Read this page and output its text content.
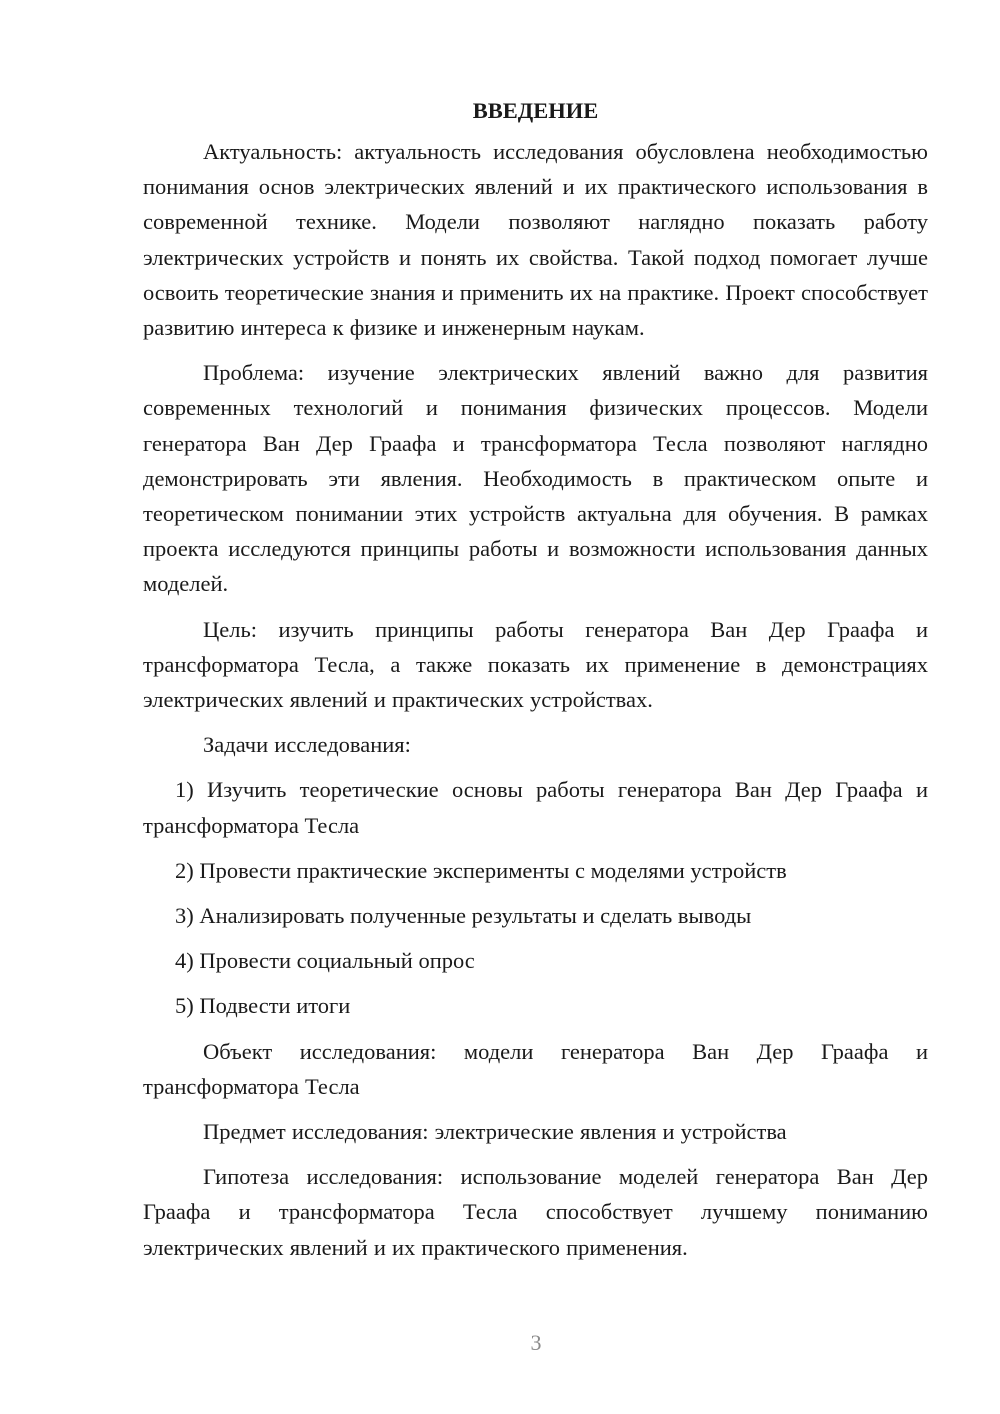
ВВЕДЕНИЕ

Актуальность: актуальность исследования обусловлена необходимостью понимания основ электрических явлений и их практического использования в современной технике. Модели позволяют наглядно показать работу электрических устройств и понять их свойства. Такой подход помогает лучше освоить теоретические знания и применить их на практике. Проект способствует развитию интереса к физике и инженерным наукам.

Проблема: изучение электрических явлений важно для развития современных технологий и понимания физических процессов. Модели генератора Ван Дер Граафа и трансформатора Тесла позволяют наглядно демонстрировать эти явления. Необходимость в практическом опыте и теоретическом понимании этих устройств актуальна для обучения. В рамках проекта исследуются принципы работы и возможности использования данных моделей.

Цель: изучить принципы работы генератора Ван Дер Граафа и трансформатора Тесла, а также показать их применение в демонстрациях электрических явлений и практических устройствах.

Задачи исследования:

1) Изучить теоретические основы работы генератора Ван Дер Граафа и трансформатора Тесла

2) Провести практические эксперименты с моделями устройств

3) Анализировать полученные результаты и сделать выводы

4) Провести социальный опрос

5) Подвести итоги

Объект исследования: модели генератора Ван Дер Граафа и трансформатора Тесла

Предмет исследования: электрические явления и устройства

Гипотеза исследования: использование моделей генератора Ван Дер Граафа и трансформатора Тесла способствует лучшему пониманию электрических явлений и их практического применения.

3
